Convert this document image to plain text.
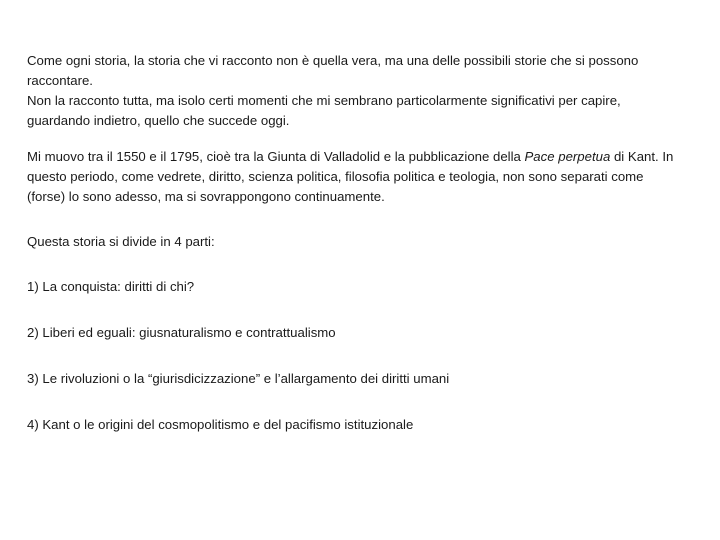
Come ogni storia, la storia che vi racconto non è quella vera, ma una delle possibili storie che si possono raccontare.

Non la racconto tutta, ma isolo certi momenti che mi sembrano particolarmente significativi per capire, guardando indietro, quello che succede oggi.

Mi muovo tra il 1550 e il 1795, cioè tra la Giunta di Valladolid e la pubblicazione della Pace perpetua di Kant. In questo periodo, come vedrete, diritto, scienza politica, filosofia politica e teologia, non sono separati come (forse) lo sono adesso, ma si sovrappongono continuamente.

Questa storia si divide in 4 parti:

1) La conquista: diritti di chi?

2) Liberi ed eguali: giusnaturalismo e contrattualismo

3) Le rivoluzioni o la “giurisdicizzazione” e l’allargamento dei diritti umani

4) Kant o le origini del cosmopolitismo e del pacifismo istituzionale
